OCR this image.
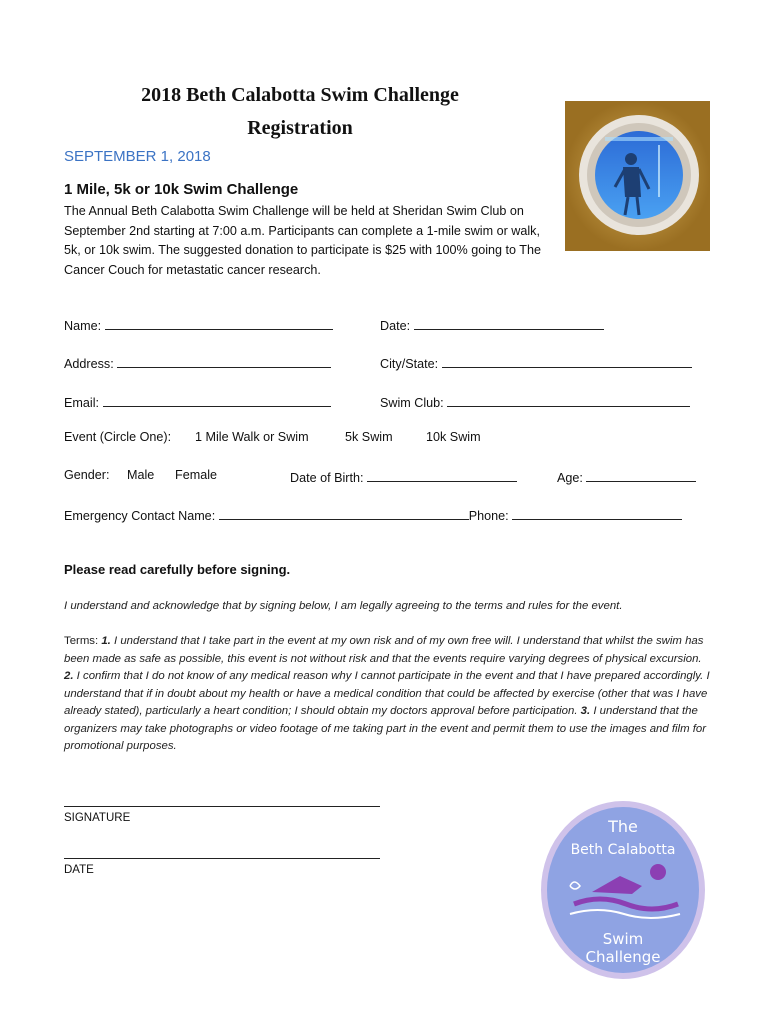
2018 Beth Calabotta Swim Challenge
Registration
SEPTEMBER 1, 2018
1 Mile, 5k or 10k Swim Challenge
The Annual Beth Calabotta Swim Challenge will be held at Sheridan Swim Club on September 2nd starting at 7:00 a.m. Participants can complete a 1-mile swim or walk, 5k, or 10k swim. The suggested donation to participate is $25 with 100% going to The Cancer Couch for metastatic cancer research.
Name:	Date:
Address:	City/State:
Email:	Swim Club:
Event (Circle One): 1 Mile Walk or Swim	5k Swim	10k Swim
Gender: Male Female	Date of Birth:	Age:
Emergency Contact Name:	Phone:
Please read carefully before signing.
I understand and acknowledge that by signing below, I am legally agreeing to the terms and rules for the event.
Terms: 1. I understand that I take part in the event at my own risk and of my own free will. I understand that whilst the swim has been made as safe as possible, this event is not without risk and that the events require varying degrees of physical excursion. 2. I confirm that I do not know of any medical reason why I cannot participate in the event and that I have prepared accordingly. I understand that if in doubt about my health or have a medical condition that could be affected by exercise (other that was I have already stated), particularly a heart condition; I should obtain my doctors approval before participation. 3. I understand that the organizers may take photographs or video footage of me taking part in the event and permit them to use the images and film for promotional purposes.
SIGNATURE
DATE
The
Beth Calabotta
Swim
Challenge
